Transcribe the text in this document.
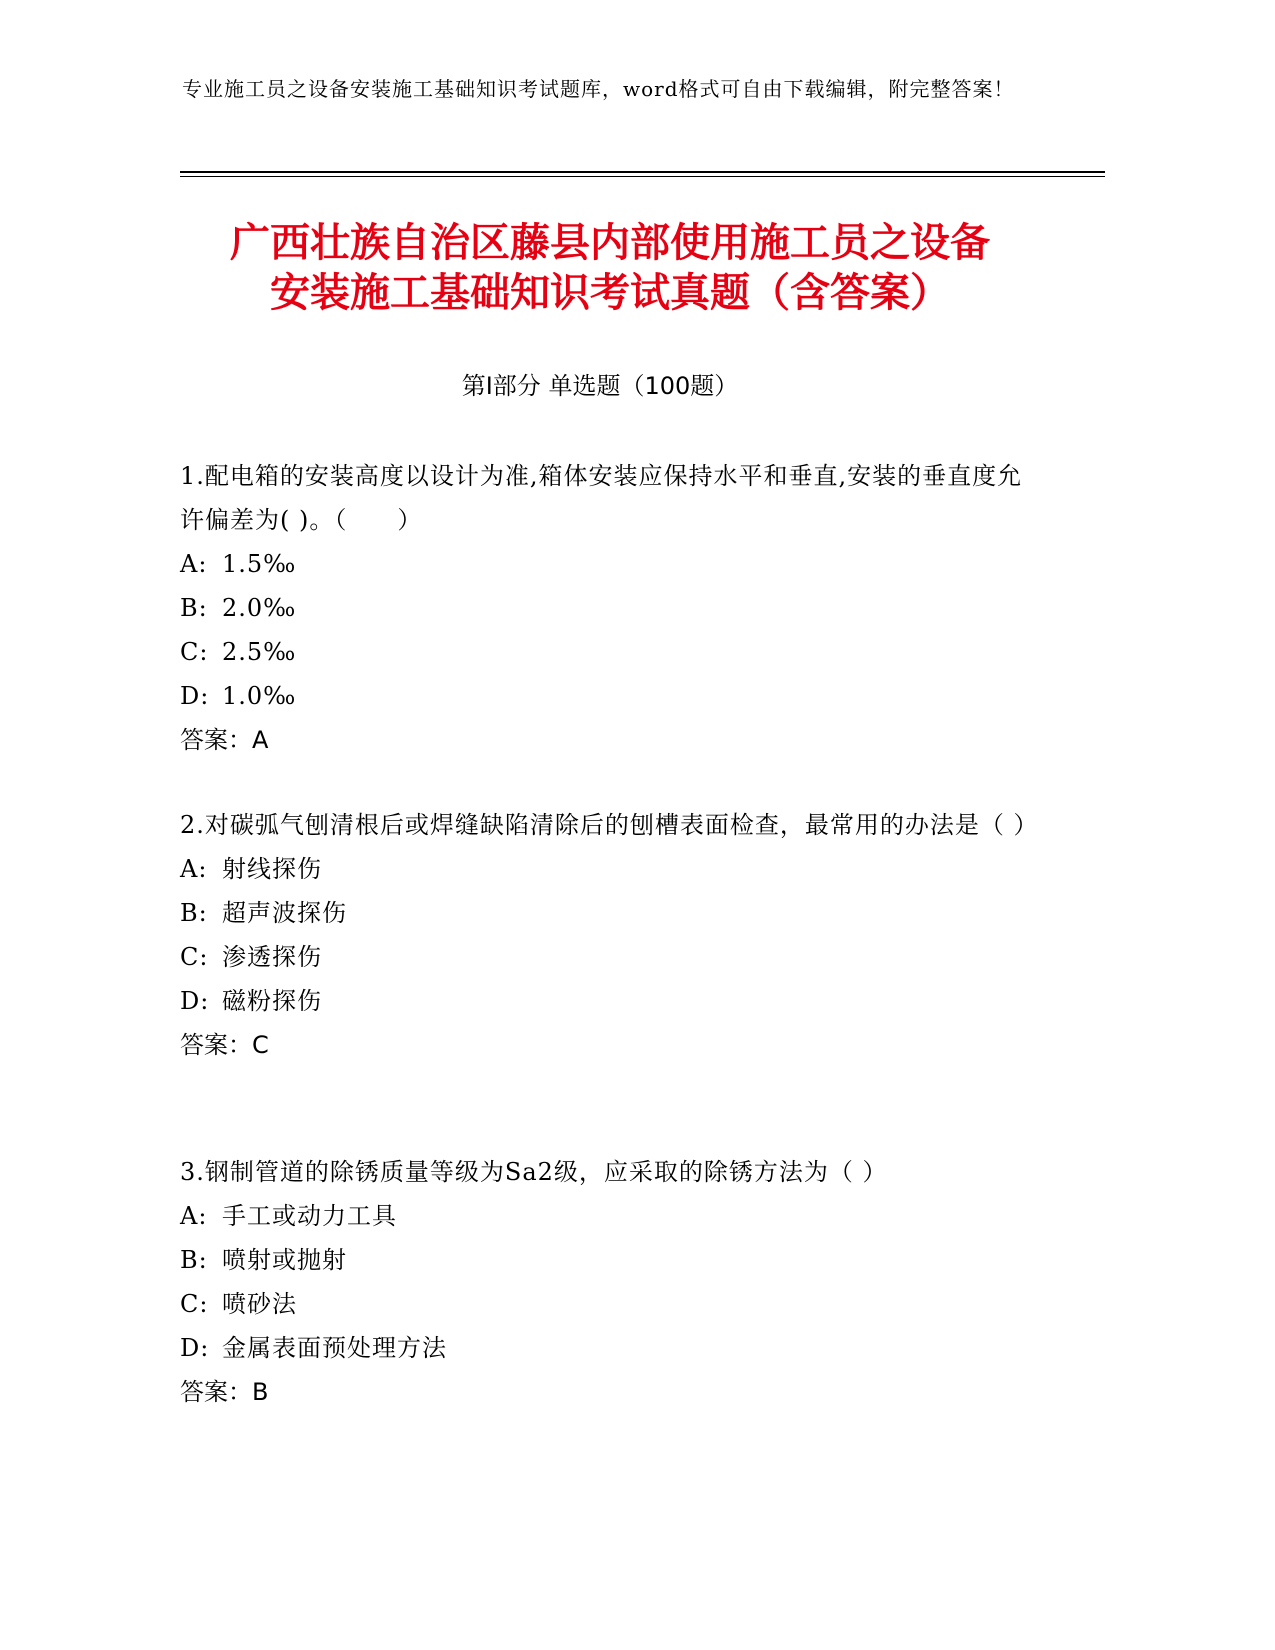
专业施工员之设备安装施工基础知识考试题库，word格式可自由下载编辑，附完整答案！
广西壮族自治区藤县内部使用施工员之设备
安装施工基础知识考试真题（含答案）
第Ⅰ部分 单选题（100题）
1.配电箱的安装高度以设计为准,箱体安装应保持水平和垂直,安装的垂直度允许偏差为( )。（　　）
A: 1.5‰
B: 2.0‰
C: 2.5‰
D: 1.0‰
答案：A
2.对碳弧气刨清根后或焊缝缺陷清除后的刨槽表面检查，最常用的办法是（ ）
A: 射线探伤
B: 超声波探伤
C: 渗透探伤
D: 磁粉探伤
答案：C
3.钢制管道的除锈质量等级为Sa2级，应采取的除锈方法为（ ）
A: 手工或动力工具
B: 喷射或抛射
C: 喷砂法
D: 金属表面预处理方法
答案：B
